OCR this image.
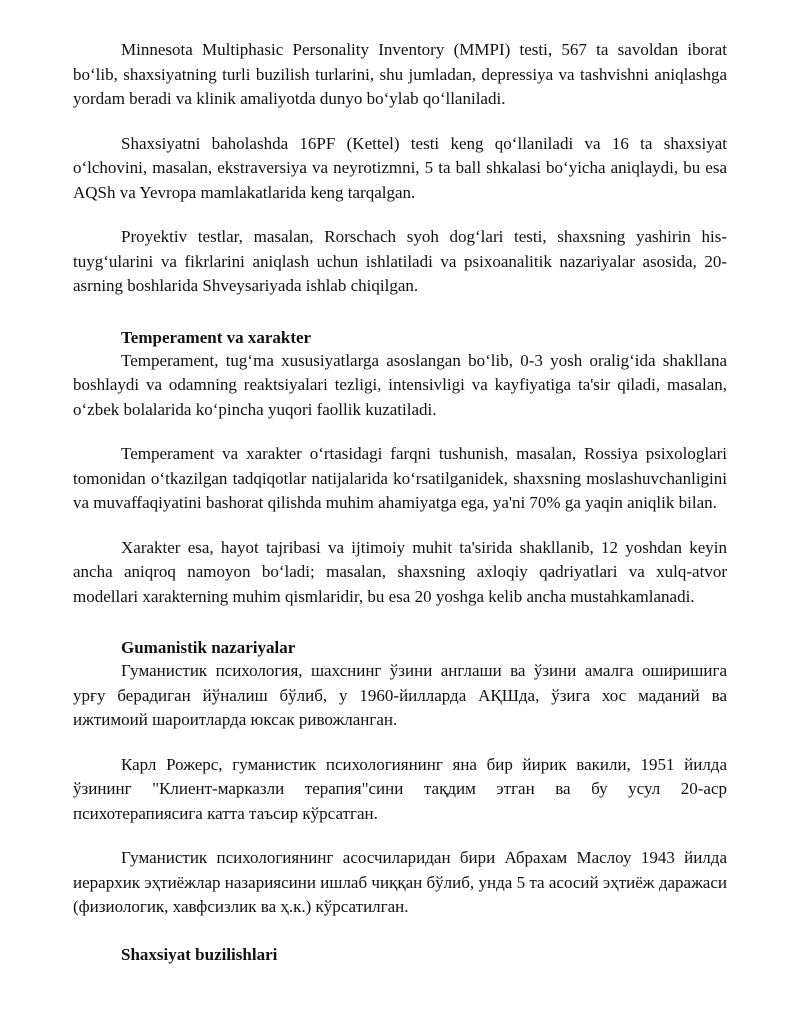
Minnesota Multiphasic Personality Inventory (MMPI) testi, 567 ta savoldan iborat bo‘lib, shaxsiyatning turli buzilish turlarini, shu jumladan, depressiya va tashvishni aniqlashga yordam beradi va klinik amaliyotda dunyo bo‘ylab qo‘llaniladi.

Shaxsiyatni baholashda 16PF (Kettel) testi keng qo‘llaniladi va 16 ta shaxsiyat o‘lchovini, masalan, ekstraversiya va neyrotizmni, 5 ta ball shkalasi bo‘yicha aniqlaydi, bu esa AQSh va Yevropa mamlakatlarida keng tarqalgan.

Proyektiv testlar, masalan, Rorschach syoh dog‘lari testi, shaxsning yashirin histuyg‘ularini va fikrlarini aniqlash uchun ishlatiladi va psixoanalitik nazariyalar asosida, 20-asrning boshlarida Shveysariyada ishlab chiqilgan.

Temperament va xarakter

Temperament, tug‘ma xususiyatlarga asoslangan bo‘lib, 0-3 yosh oralig‘ida shakllana boshlaydi va odamning reaktsiyalari tezligi, intensivligi va kayfiyatiga ta'sir qiladi, masalan, o‘zbek bolalarida ko‘pincha yuqori faollik kuzatiladi.

Temperament va xarakter o‘rtasidagi farqni tushunish, masalan, Rossiya psixologlari tomonidan o‘tkazilgan tadqiqotlar natijalarida ko‘rsatilganidek, shaxsning moslashuvchanligini va muvaffaqiyatini bashorat qilishda muhim ahamiyatga ega, ya'ni 70% ga yaqin aniqlik bilan.

Xarakter esa, hayot tajribasi va ijtimoiy muhit ta'sirida shakllanib, 12 yoshdan keyin ancha aniqroq namoyon bo‘ladi; masalan, shaxsning axloqiy qadriyatlari va xulq-atvor modellari xarakterning muhim qismlaridir, bu esa 20 yoshga kelib ancha mustahkamlanadi.

Gumanistik nazariyalar

Гуманистик психология, шахснинг ўзини англаши ва ўзини амалга оширишига урғу берадиган йўналиш бўлиб, у 1960-йилларда АҚШда, ўзига хос маданий ва ижтимоий шароитларда юксак ривожланган.

Карл Рожерс, гуманистик психологиянинг яна бир йирик вакили, 1951 йилда ўзининг "Клиент-марказли терапия"сини тақдим этган ва бу усул 20-аср психотерапиясига катта таъсир кўрсатган.

Гуманистик психологиянинг асосчиларидан бири Абрахам Маслоу 1943 йилда иерархик эҳтиёжлар назариясини ишлаб чиққан бўлиб, унда 5 та асосий эҳтиёж даражаси (физиологик, хавфсизлик ва ҳ.к.) кўрсатилган.

Shaxsiyat buzilishlari
